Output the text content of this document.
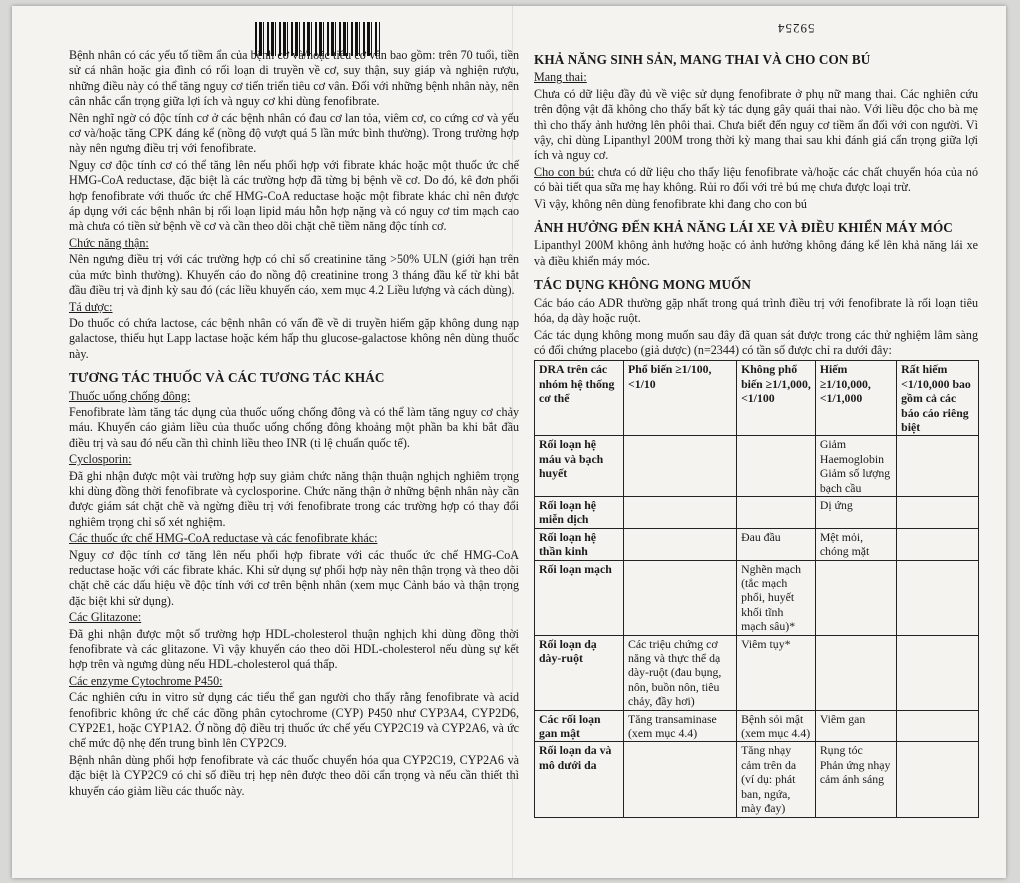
59254

Bệnh nhân có các yếu tố tiềm ẩn của bệnh cơ và/hoặc tiêu cơ vân bao gồm: trên 70 tuổi, tiền sử cá nhân hoặc gia đình có rối loạn di truyền về cơ, suy thận, suy giáp và nghiện rượu, những điều này có thể tăng nguy cơ tiến triển tiêu cơ vân. Đối với những bệnh nhân này, nên cân nhắc cẩn trọng giữa lợi ích và nguy cơ khi dùng fenofibrate.

Nên nghĩ ngờ có độc tính cơ ở các bệnh nhân có đau cơ lan tỏa, viêm cơ, co cứng cơ và yếu cơ và/hoặc tăng CPK đáng kể (nồng độ vượt quá 5 lần mức bình thường). Trong trường hợp này nên ngưng điều trị với fenofibrate.

Nguy cơ độc tính cơ có thể tăng lên nếu phối hợp với fibrate khác hoặc một thuốc ức chế HMG-CoA reductase, đặc biệt là các trường hợp đã từng bị bệnh về cơ. Do đó, kê đơn phối hợp fenofibrate với thuốc ức chế HMG-CoA reductase hoặc một fibrate khác chỉ nên được áp dụng với các bệnh nhân bị rối loạn lipid máu hỗn hợp nặng và có nguy cơ tim mạch cao mà chưa có tiền sử bệnh về cơ và cần theo dõi chặt chẽ tiềm năng độc tính cơ.

Chức năng thận:

Nên ngưng điều trị với các trường hợp có chỉ số creatinine tăng >50% ULN (giới hạn trên của mức bình thường). Khuyến cáo đo nồng độ creatinine trong 3 tháng đầu kể từ khi bắt đầu điều trị và định kỳ sau đó (các liều khuyến cáo, xem mục 4.2 Liều lượng và cách dùng).

Tá dược:

Do thuốc có chứa lactose, các bệnh nhân có vấn đề về di truyền hiếm gặp không dung nạp galactose, thiếu hụt Lapp lactase hoặc kém hấp thu glucose-galactose không nên dùng thuốc này.

TƯƠNG TÁC THUỐC VÀ CÁC TƯƠNG TÁC KHÁC

Thuốc uống chống đông:

Fenofibrate làm tăng tác dụng của thuốc uống chống đông và có thể làm tăng nguy cơ chảy máu. Khuyến cáo giảm liều của thuốc uống chống đông khoảng một phần ba khi bắt đầu điều trị và sau đó nếu cần thì chỉnh liều theo INR (tỉ lệ chuẩn quốc tế).

Cyclosporin:

Đã ghi nhận được một vài trường hợp suy giảm chức năng thận thuận nghịch nghiêm trọng khi dùng đồng thời fenofibrate và cyclosporine. Chức năng thận ở những bệnh nhân này cần được giám sát chặt chẽ và ngừng điều trị với fenofibrate trong các trường hợp có thay đổi nghiêm trọng chỉ số xét nghiệm.

Các thuốc ức chế HMG-CoA reductase và các fenofibrate khác:

Nguy cơ độc tính cơ tăng lên nếu phối hợp fibrate với các thuốc ức chế HMG-CoA reductase hoặc với các fibrate khác. Khi sử dụng sự phối hợp này nên thận trọng và theo dõi chặt chẽ các dấu hiệu về độc tính với cơ trên bệnh nhân (xem mục Cảnh báo và thận trọng đặc biệt khi sử dụng).

Các Glitazone:

Đã ghi nhận được một số trường hợp HDL-cholesterol thuận nghịch khi dùng đồng thời fenofibrate và các glitazone. Vì vậy khuyến cáo theo dõi HDL-cholesterol nếu dùng sự kết hợp trên và ngưng dùng nếu HDL-cholesterol quá thấp.

Các enzyme Cytochrome P450:

Các nghiên cứu in vitro sử dụng các tiểu thể gan người cho thấy rằng fenofibrate và acid fenofibric không ức chế các đồng phân cytochrome (CYP) P450 như CYP3A4, CYP2D6, CYP2E1, hoặc CYP1A2. Ở nồng độ điều trị thuốc ức chế yếu CYP2C19 và CYP2A6, và ức chế mức độ nhẹ đến trung bình lên CYP2C9.

Bệnh nhân dùng phối hợp fenofibrate và các thuốc chuyển hóa qua CYP2C19, CYP2A6 và đặc biệt là CYP2C9 có chỉ số điều trị hẹp nên được theo dõi cẩn trọng và nếu cần thiết thì khuyến cáo giảm liều các thuốc này.

KHẢ NĂNG SINH SẢN, MANG THAI VÀ CHO CON BÚ

Mang thai:

Chưa có dữ liệu đầy đủ về việc sử dụng fenofibrate ở phụ nữ mang thai. Các nghiên cứu trên động vật đã không cho thấy bất kỳ tác dụng gây quái thai nào. Với liều độc cho bà mẹ thì cho thấy ảnh hưởng lên phôi thai. Chưa biết đến nguy cơ tiềm ẩn đối với con người. Vì vậy, chỉ dùng Lipanthyl 200M trong thời kỳ mang thai sau khi đánh giá cẩn trọng giữa lợi ích và nguy cơ.

Cho con bú: chưa có dữ liệu cho thấy liệu fenofibrate và/hoặc các chất chuyển hóa của nó có bài tiết qua sữa mẹ hay không. Rủi ro đối với trẻ bú mẹ chưa được loại trừ.

Vì vậy, không nên dùng fenofibrate khi đang cho con bú

ẢNH HƯỞNG ĐẾN KHẢ NĂNG LÁI XE VÀ ĐIỀU KHIỂN MÁY MÓC

Lipanthyl 200M không ảnh hưởng hoặc có ảnh hưởng không đáng kể lên khả năng lái xe và điều khiển máy móc.

TÁC DỤNG KHÔNG MONG MUỐN

Các báo cáo ADR thường gặp nhất trong quá trình điều trị với fenofibrate là rối loạn tiêu hóa, dạ dày hoặc ruột.

Các tác dụng không mong muốn sau đây đã quan sát được trong các thử nghiệm lâm sàng có đối chứng placebo (giả dược) (n=2344) có tần số được chỉ ra dưới đây:

DRA trên các nhóm hệ thống cơ thể	Phổ biến ≥1/100, <1/10	Không phổ biến ≥1/1,000, <1/100	Hiếm ≥1/10,000, <1/1,000	Rất hiếm <1/10,000 bao gồm cả các báo cáo riêng biệt
Rối loạn hệ máu và bạch huyết			Giảm Haemoglobin
Giảm số lượng bạch cầu	
Rối loạn hệ miễn dịch			Dị ứng	
Rối loạn hệ thần kinh		Đau đầu	Mệt mỏi, chóng mặt	
Rối loạn mạch		Nghẽn mạch (tắc mạch phổi, huyết khối tĩnh mạch sâu)*		
Rối loạn dạ dày-ruột	Các triệu chứng cơ năng và thực thể dạ dày-ruột (đau bụng, nôn, buồn nôn, tiêu chảy, đầy hơi)	Viêm tụy*		
Các rối loạn gan mật	Tăng transaminase (xem mục 4.4)	Bệnh sỏi mật (xem mục 4.4)	Viêm gan	
Rối loạn da và mô dưới da		Tăng nhạy cảm trên da (ví dụ: phát ban, ngứa, mày đay)	Rụng tóc
Phản ứng nhạy cảm ánh sáng	
